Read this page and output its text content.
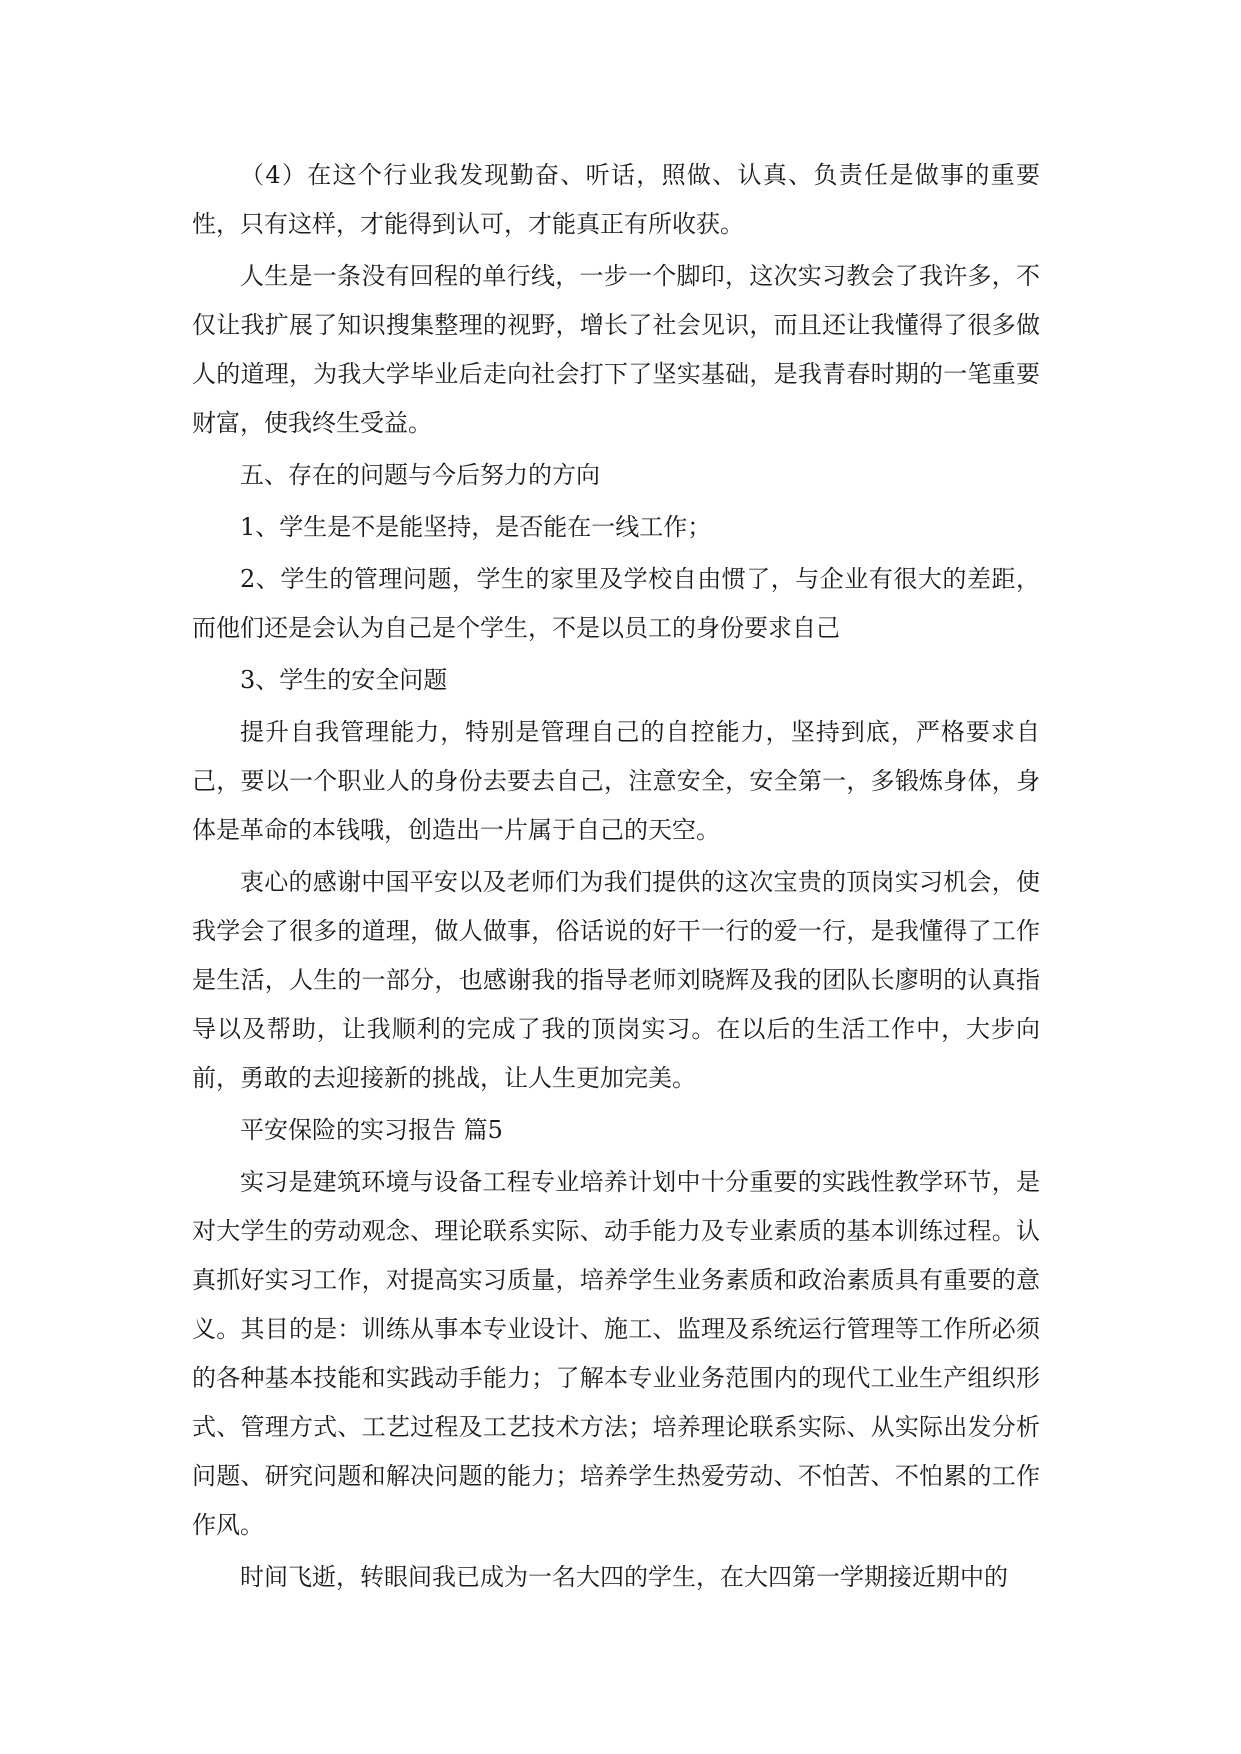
（4）在这个行业我发现勤奋、听话，照做、认真、负责任是做事的重要性，只有这样，才能得到认可，才能真正有所收获。

人生是一条没有回程的单行线，一步一个脚印，这次实习教会了我许多，不仅让我扩展了知识搜集整理的视野，增长了社会见识，而且还让我懂得了很多做人的道理，为我大学毕业后走向社会打下了坚实基础，是我青春时期的一笔重要财富，使我终生受益。

五、存在的问题与今后努力的方向

1、学生是不是能坚持，是否能在一线工作；

2、学生的管理问题，学生的家里及学校自由惯了，与企业有很大的差距，而他们还是会认为自己是个学生，不是以员工的身份要求自己

3、学生的安全问题

提升自我管理能力，特别是管理自己的自控能力，坚持到底，严格要求自己，要以一个职业人的身份去要去自己，注意安全，安全第一，多锻炼身体，身体是革命的本钱哦，创造出一片属于自己的天空。

衷心的感谢中国平安以及老师们为我们提供的这次宝贵的顶岗实习机会，使我学会了很多的道理，做人做事，俗话说的好干一行的爱一行，是我懂得了工作是生活，人生的一部分，也感谢我的指导老师刘晓辉及我的团队长廖明的认真指导以及帮助，让我顺利的完成了我的顶岗实习。在以后的生活工作中，大步向前，勇敢的去迎接新的挑战，让人生更加完美。

平安保险的实习报告 篇5

实习是建筑环境与设备工程专业培养计划中十分重要的实践性教学环节，是对大学生的劳动观念、理论联系实际、动手能力及专业素质的基本训练过程。认真抓好实习工作，对提高实习质量，培养学生业务素质和政治素质具有重要的意义。其目的是：训练从事本专业设计、施工、监理及系统运行管理等工作所必须的各种基本技能和实践动手能力；了解本专业业务范围内的现代工业生产组织形式、管理方式、工艺过程及工艺技术方法；培养理论联系实际、从实际出发分析问题、研究问题和解决问题的能力；培养学生热爱劳动、不怕苦、不怕累的工作作风。

时间飞逝，转眼间我已成为一名大四的学生，在大四第一学期接近期中的
